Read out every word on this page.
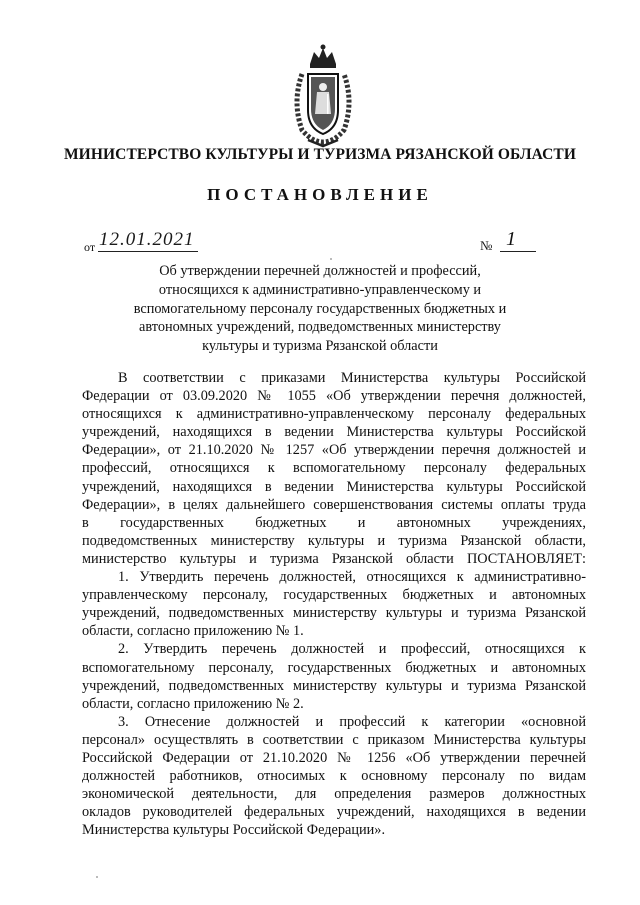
МИНИСТЕРСТВО КУЛЬТУРЫ И ТУРИЗМА РЯЗАНСКОЙ ОБЛАСТИ
ПОСТАНОВЛЕНИЕ
от 12.01.2021	№ 1
Об утверждении перечней должностей и профессий,
относящихся к административно-управленческому и
вспомогательному персоналу государственных бюджетных и
автономных учреждений, подведомственных министерству
культуры и туризма Рязанской области
В соответствии с приказами Министерства культуры Российской
Федерации от 03.09.2020 № 1055 «Об утверждении перечня должностей,
относящихся к административно-управленческому персоналу федеральных
учреждений, находящихся в ведении Министерства культуры Российской
Федерации», от 21.10.2020 № 1257 «Об утверждении перечня должностей и
профессий, относящихся к вспомогательному персоналу федеральных
учреждений, находящихся в ведении Министерства культуры Российской
Федерации», в целях дальнейшего совершенствования системы оплаты труда
в государственных бюджетных и автономных учреждениях,
подведомственных министерству культуры и туризма Рязанской области,
министерство культуры и туризма Рязанской области ПОСТАНОВЛЯЕТ:
1. Утвердить перечень должностей, относящихся к административно-
управленческому персоналу, государственных бюджетных и автономных
учреждений, подведомственных министерству культуры и туризма Рязанской
области, согласно приложению № 1.
2. Утвердить перечень должностей и профессий, относящихся к
вспомогательному персоналу, государственных бюджетных и автономных
учреждений, подведомственных министерству культуры и туризма Рязанской
области, согласно приложению № 2.
3. Отнесение должностей и профессий к категории «основной
персонал» осуществлять в соответствии с приказом Министерства культуры
Российской Федерации от 21.10.2020 № 1256 «Об утверждении перечней
должностей работников, относимых к основному персоналу по видам
экономической деятельности, для определения размеров должностных
окладов руководителей федеральных учреждений, находящихся в ведении
Министерства культуры Российской Федерации».
